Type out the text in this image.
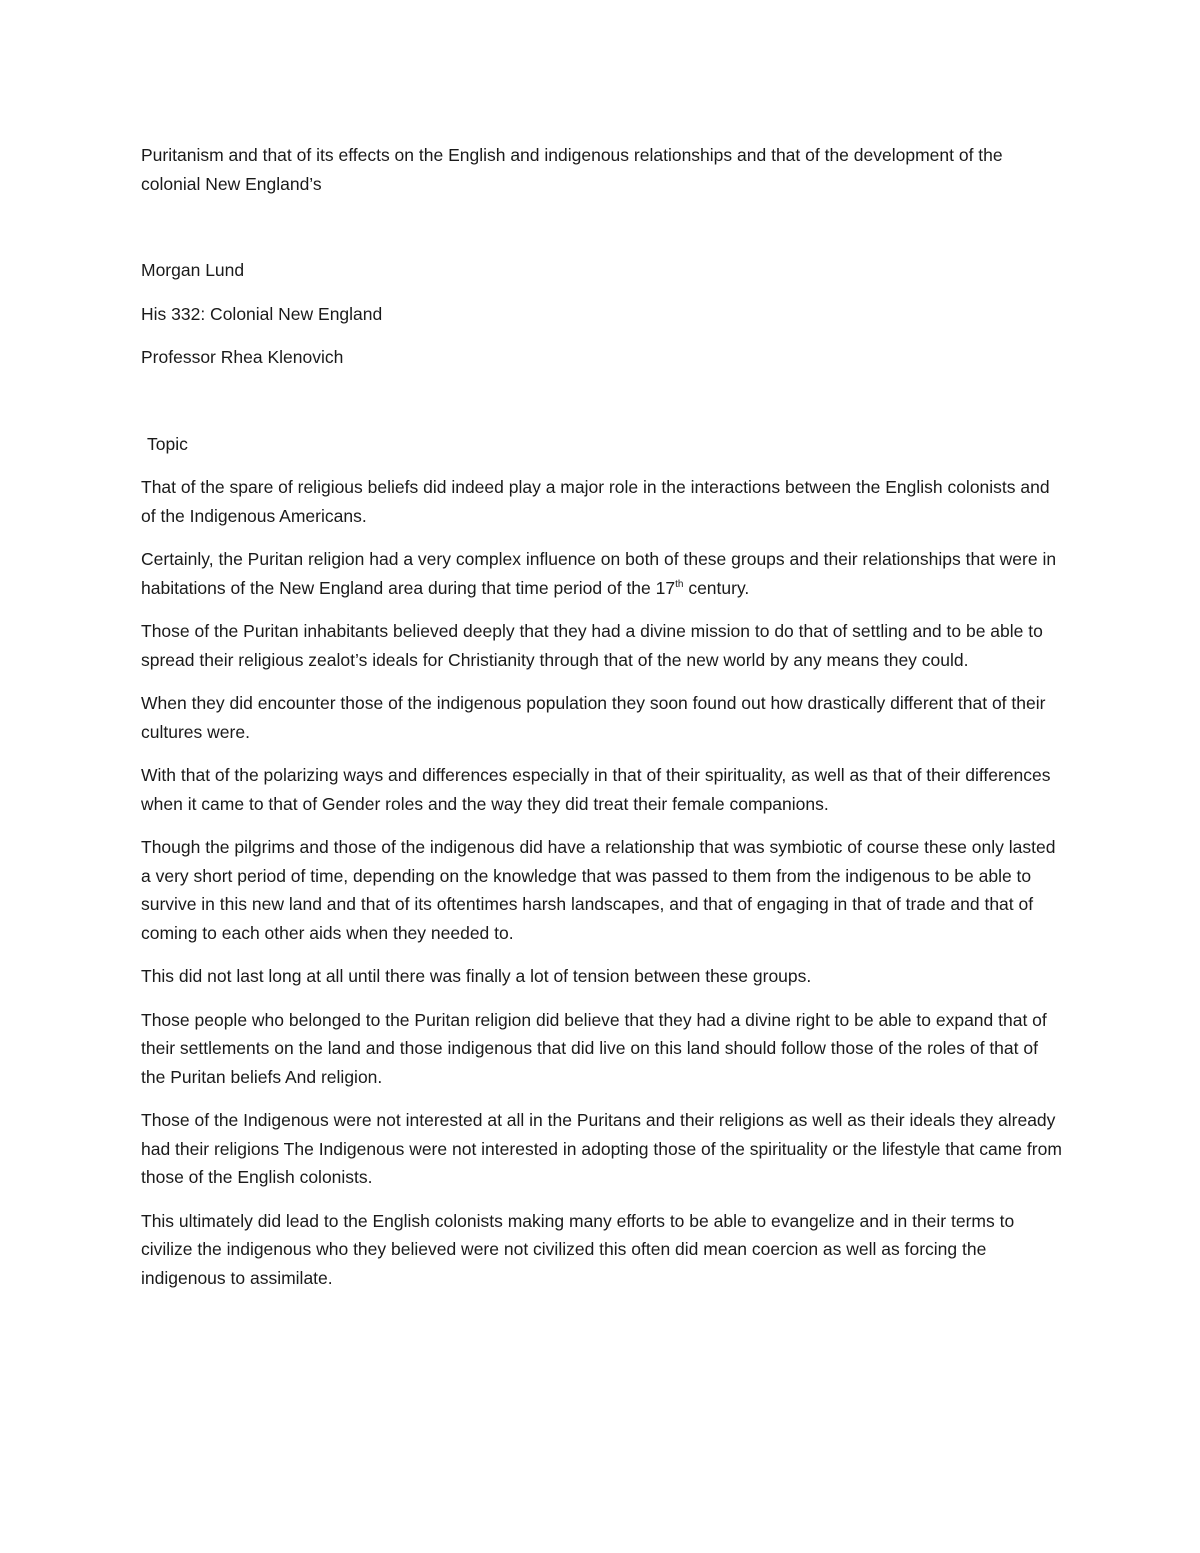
Puritanism and that of its effects on the English and indigenous relationships and that of the development of the colonial New England’s

Morgan Lund

His 332: Colonial New England

Professor Rhea Klenovich

Topic

That of the spare of religious beliefs did indeed play a major role in the interactions between the English colonists and of the Indigenous Americans.

Certainly, the Puritan religion had a very complex influence on both of these groups and their relationships that were in habitations of the New England area during that time period of the 17th century.

Those of the Puritan inhabitants believed deeply that they had a divine mission to do that of settling and to be able to spread their religious zealot’s ideals for Christianity through that of the new world by any means they could.

When they did encounter those of the indigenous population they soon found out how drastically different that of their cultures were.

With that of the polarizing ways and differences especially in that of their spirituality, as well as that of their differences when it came to that of Gender roles and the way they did treat their female companions.

Though the pilgrims and those of the indigenous did have a relationship that was symbiotic of course these only lasted a very short period of time, depending on the knowledge that was passed to them from the indigenous to be able to survive in this new land and that of its oftentimes harsh landscapes, and that of engaging in that of trade and that of coming to each other aids when they needed to.

This did not last long at all until there was finally a lot of tension between these groups.

Those people who belonged to the Puritan religion did believe that they had a divine right to be able to expand that of their settlements on the land and those indigenous that did live on this land should follow those of the roles of that of the Puritan beliefs And religion.

Those of the Indigenous were not interested at all in the Puritans and their religions as well as their ideals they already had their religions The Indigenous were not interested in adopting those of the spirituality or the lifestyle that came from those of the English colonists.

This ultimately did lead to the English colonists making many efforts to be able to evangelize and in their terms to civilize the indigenous who they believed were not civilized this often did mean coercion as well as forcing the indigenous to assimilate.
